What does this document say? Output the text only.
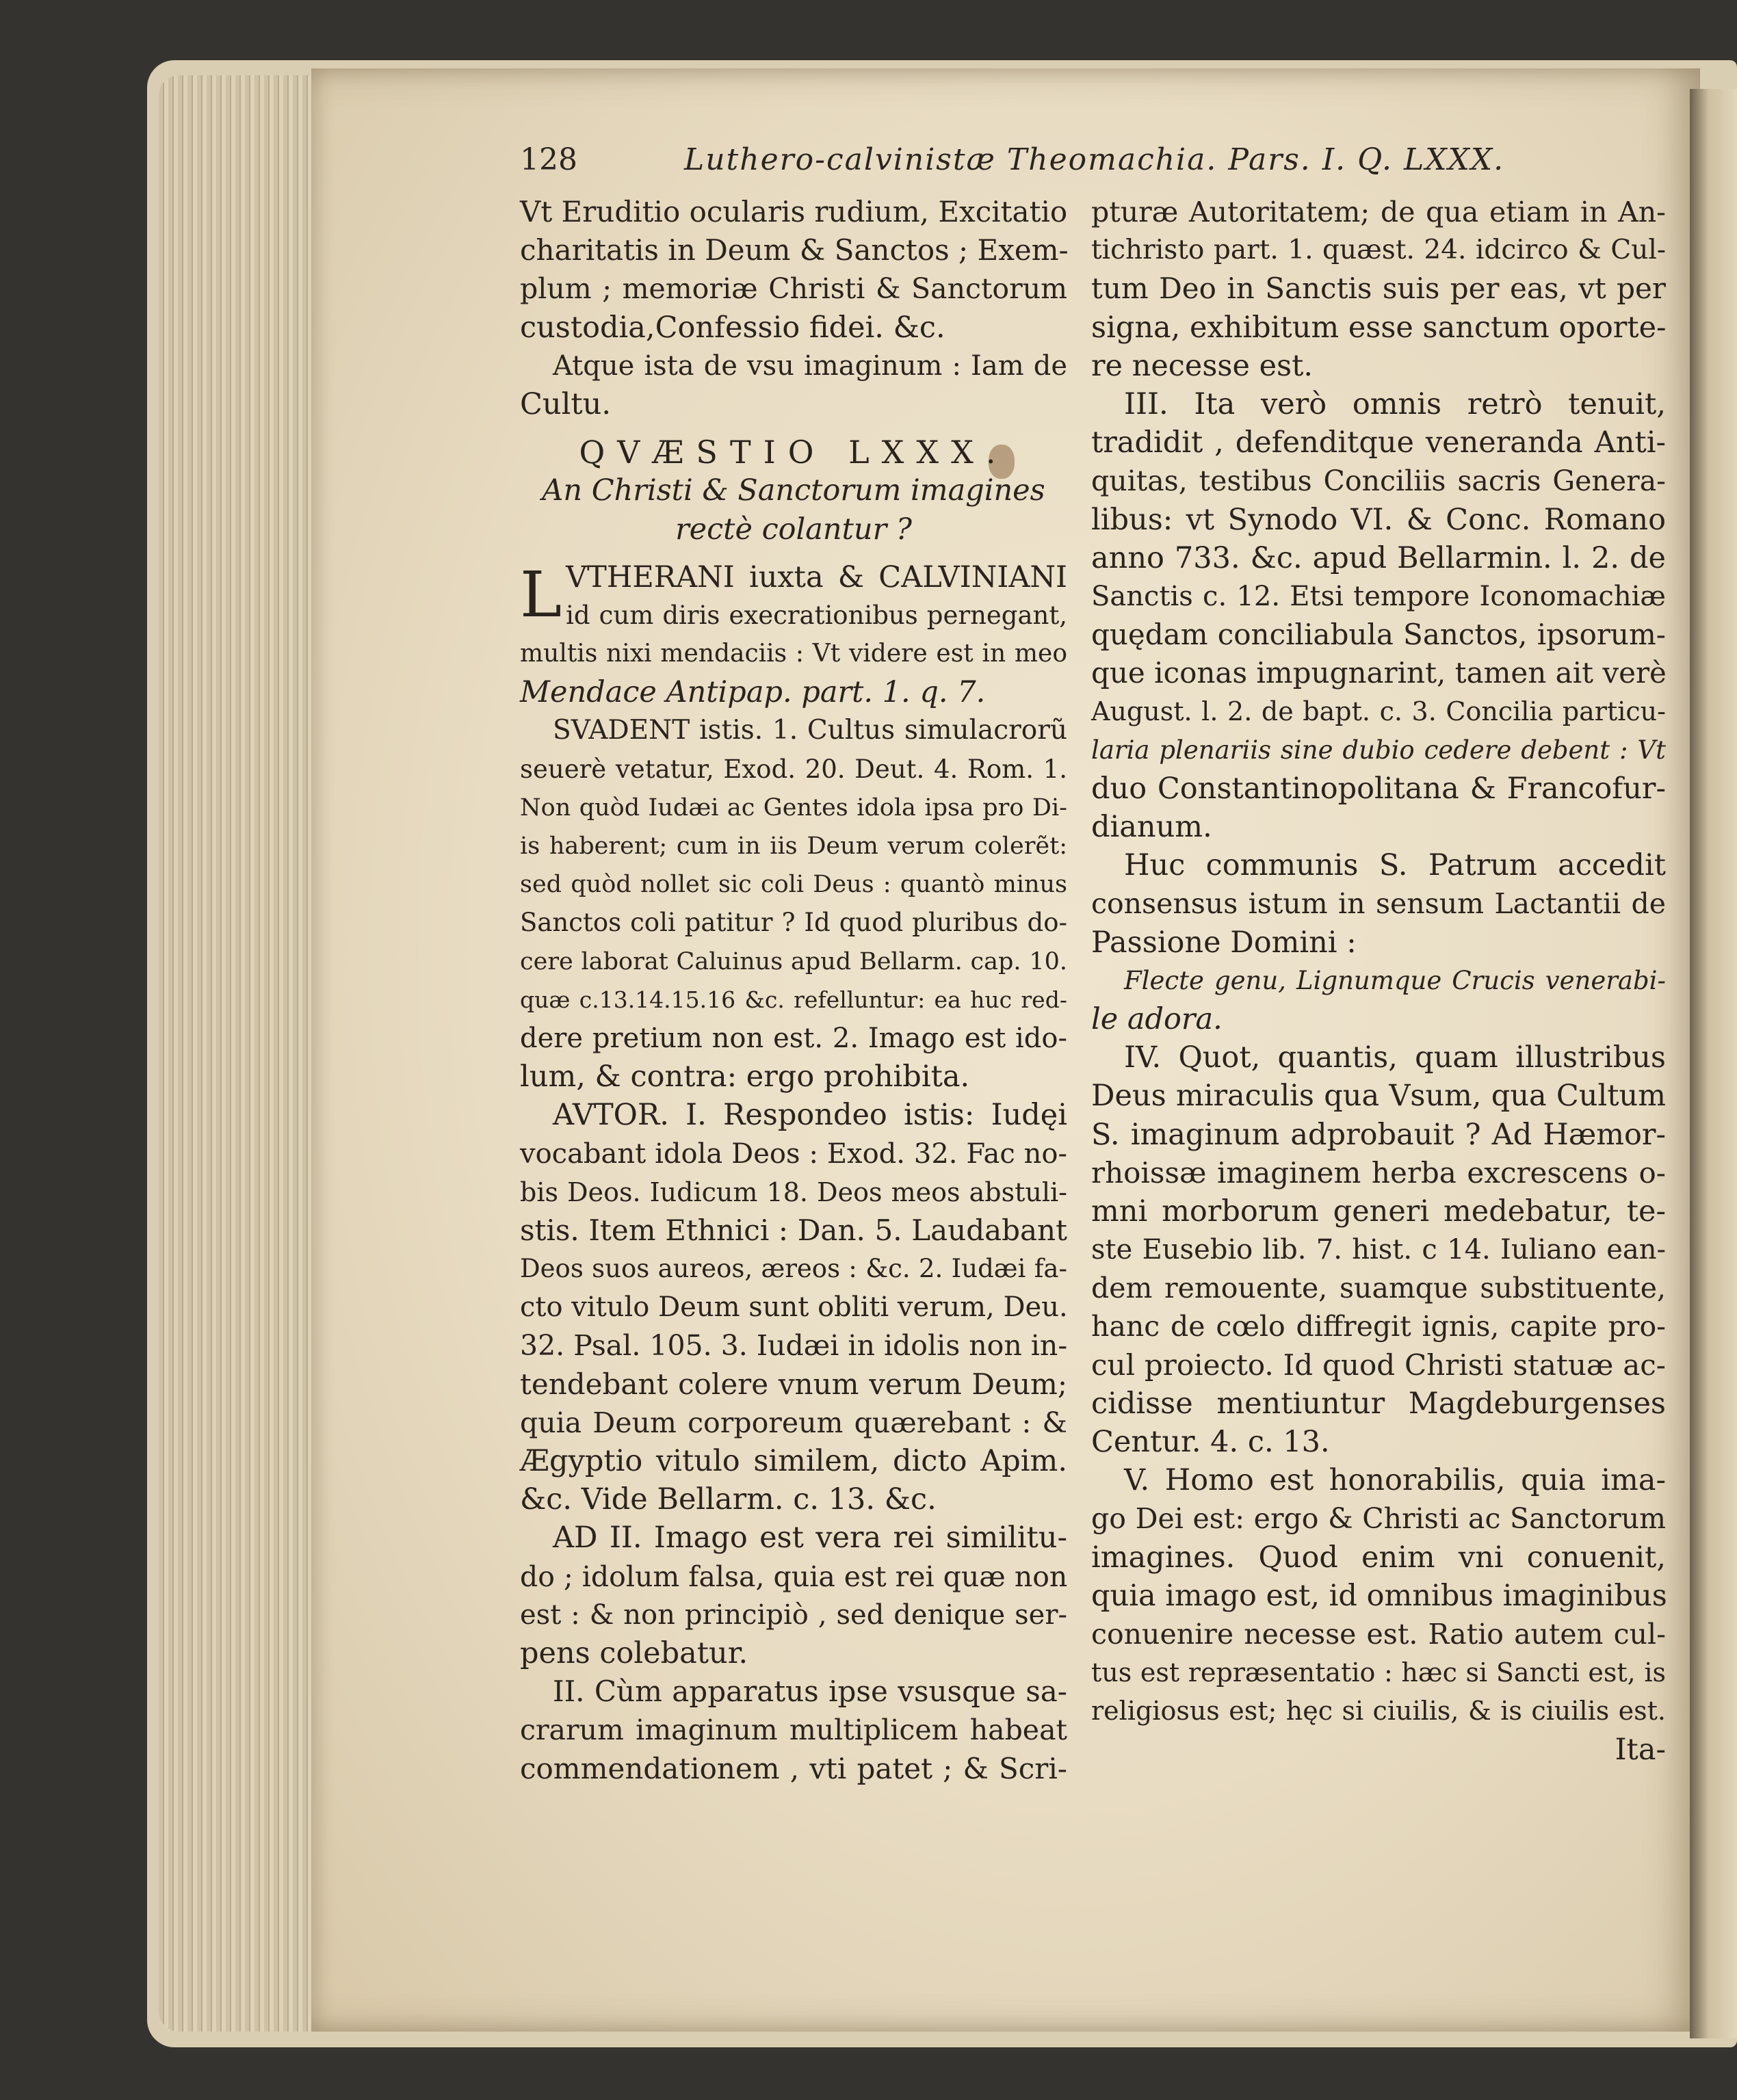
128	Luthero-calvinistæ Theomachia. Pars. I. Q. LXXX.
Vt Eruditio ocularis rudium, Excitatio
charitatis in Deum & Sanctos ; Exem-
plum ; memoriæ Christi & Sanctorum
custodia,Confessio fidei. &c.
Atque ista de vsu imaginum : Iam de
Cultu.
QVÆSTIO LXXX.
An Christi & Sanctorum imagines
rectè colantur ?
L VTHERANI iuxta & CALVINIANI
id cum diris execrationibus pernegant,
multis nixi mendaciis : Vt videre est in meo
Mendace Antipap. part. 1. q. 7.
SVADENT istis. 1. Cultus simulacrorũ
seuerè vetatur, Exod. 20. Deut. 4. Rom. 1.
Non quòd Iudæi ac Gentes idola ipsa pro Di-
is haberent; cum in iis Deum verum colerẽt:
sed quòd nollet sic coli Deus : quantò minus
Sanctos coli patitur ? Id quod pluribus do-
cere laborat Caluinus apud Bellarm. cap. 10.
quæ c.13.14.15.16 &c. refelluntur: ea huc red-
dere pretium non est. 2. Imago est ido-
lum, & contra: ergo prohibita.
AVTOR. I. Respondeo istis: Iudęi
vocabant idola Deos : Exod. 32. Fac no-
bis Deos. Iudicum 18. Deos meos abstuli-
stis. Item Ethnici : Dan. 5. Laudabant
Deos suos aureos, æreos : &c. 2. Iudæi fa-
cto vitulo Deum sunt obliti verum, Deu.
32. Psal. 105. 3. Iudæi in idolis non in-
tendebant colere vnum verum Deum;
quia Deum corporeum quærebant : &
Ægyptio vitulo similem, dicto Apim.
&c. Vide Bellarm. c. 13. &c.
AD II. Imago est vera rei similitu-
do ; idolum falsa, quia est rei quæ non
est : & non principiò , sed denique ser-
pens colebatur.
II. Cùm apparatus ipse vsusque sa-
crarum imaginum multiplicem habeat
commendationem , vti patet ; & Scri-
pturæ Autoritatem; de qua etiam in An-
tichristo part. 1. quæst. 24. idcirco & Cul-
tum Deo in Sanctis suis per eas, vt per
signa, exhibitum esse sanctum oporte-
re necesse est.
III. Ita verò omnis retrò tenuit,
tradidit , defenditque veneranda Anti-
quitas, testibus Conciliis sacris Genera-
libus: vt Synodo VI. & Conc. Romano
anno 733. &c. apud Bellarmin. l. 2. de
Sanctis c. 12. Etsi tempore Iconomachiæ
quędam conciliabula Sanctos, ipsorum-
que iconas impugnarint, tamen ait verè
August. l. 2. de bapt. c. 3. Concilia particu-
laria plenariis sine dubio cedere debent : Vt
duo Constantinopolitana & Francofur-
dianum.
Huc communis S. Patrum accedit
consensus istum in sensum Lactantii de
Passione Domini :
Flecte genu, Lignumque Crucis venerabi-
le adora.
IV. Quot, quantis, quam illustribus
Deus miraculis qua Vsum, qua Cultum
S. imaginum adprobauit ? Ad Hæmor-
rhoissæ imaginem herba excrescens o-
mni morborum generi medebatur, te-
ste Eusebio lib. 7. hist. c 14. Iuliano ean-
dem remouente, suamque substituente,
hanc de cœlo diffregit ignis, capite pro-
cul proiecto. Id quod Christi statuæ ac-
cidisse mentiuntur Magdeburgenses
Centur. 4. c. 13.
V. Homo est honorabilis, quia ima-
go Dei est: ergo & Christi ac Sanctorum
imagines. Quod enim vni conuenit,
quia imago est, id omnibus imaginibus
conuenire necesse est. Ratio autem cul-
tus est repræsentatio : hæc si Sancti est, is
religiosus est; hęc si ciuilis, & is ciuilis est.
Ita-
